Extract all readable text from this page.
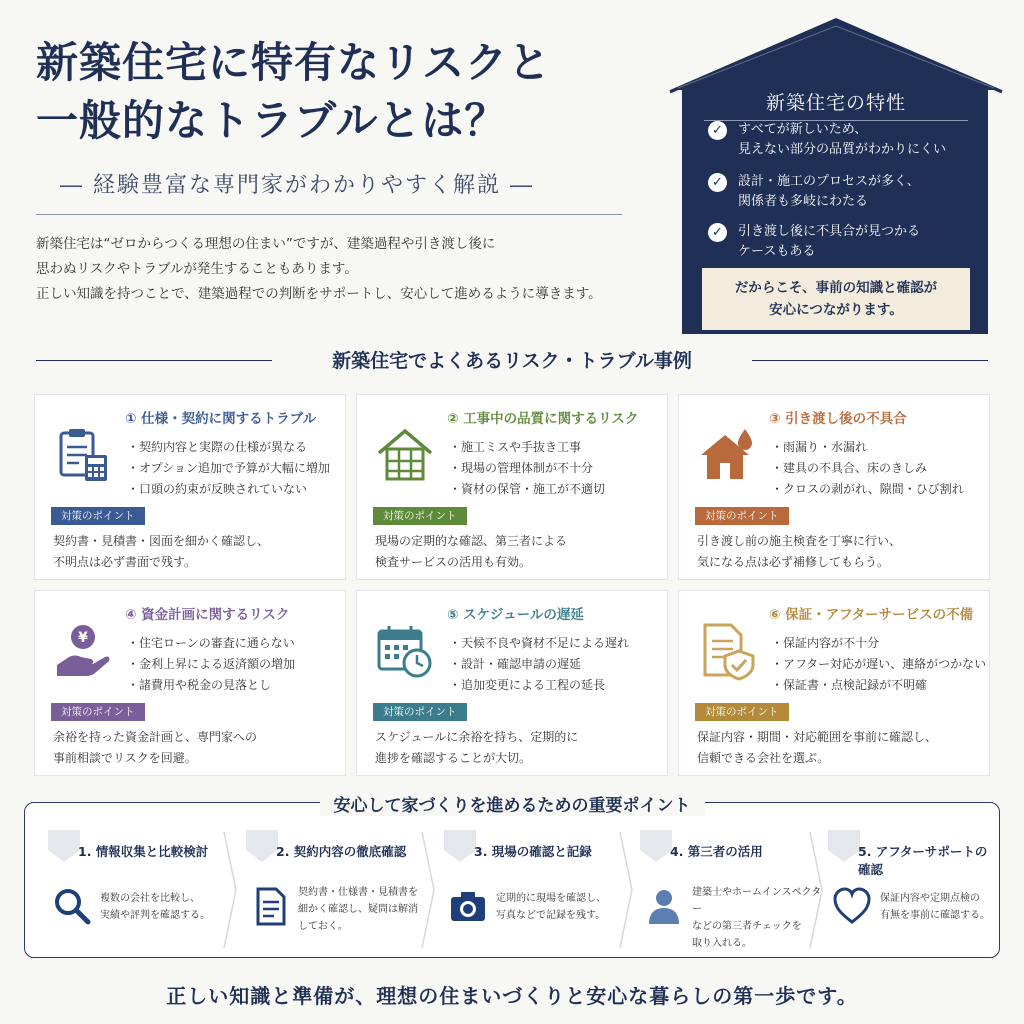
新築住宅に特有なリスクと
一般的なトラブルとは？
― 経験豊富な専門家がわかりやすく解説 ―
新築住宅は“ゼロからつくる理想の住まい”ですが、建築過程や引き渡し後に
思わぬリスクやトラブルが発生することもあります。
正しい知識を持つことで、建築過程での判断をサポートし、安心して進めるように導きます。
新築住宅の特性
✓	すべてが新しいため、
見えない部分の品質がわかりにくい
✓	設計・施工のプロセスが多く、
関係者も多岐にわたる
✓	引き渡し後に不具合が見つかる
ケースもある
だからこそ、事前の知識と確認が
安心につながります。
新築住宅でよくあるリスク・トラブル事例
① 仕様・契約に関するトラブル
・ 契約内容と実際の仕様が異なる
・ オプション追加で予算が大幅に増加
・ 口頭の約束が反映されていない
対策のポイント
契約書・見積書・図面を細かく確認し、
不明点は必ず書面で残す。
② 工事中の品質に関するリスク
・ 施工ミスや手抜き工事
・ 現場の管理体制が不十分
・ 資材の保管・施工が不適切
対策のポイント
現場の定期的な確認、第三者による
検査サービスの活用も有効。
③ 引き渡し後の不具合
・ 雨漏り・水漏れ
・ 建具の不具合、床のきしみ
・ クロスの剥がれ、隙間・ひび割れ
対策のポイント
引き渡し前の施主検査を丁寧に行い、
気になる点は必ず補修してもらう。
④ 資金計画に関するリスク
¥
・	住宅ローンの審査に通らない
・ 金利上昇による返済額の増加
・ 諸費用や税金の見落とし
対策のポイント
余裕を持った資金計画と、専門家への
事前相談でリスクを回避。
⑤ スケジュールの遅延
・ 天候不良や資材不足による遅れ
・ 設計・確認申請の遅延
・ 追加変更による工程の延長
対策のポイント
スケジュールに余裕を持ち、定期的に
進捗を確認することが大切。
⑥ 保証・アフターサービスの不備
・ 保証内容が不十分
・ アフター対応が遅い、連絡がつかない
・ 保証書・点検記録が不明確
対策のポイント
保証内容・期間・対応範囲を事前に確認し、
信頼できる会社を選ぶ。
安心して家づくりを進めるための重要ポイント
1. 情報収集と比較検討
複数の会社を比較し、
実績や評判を確認する。
2. 契約内容の徹底確認
契約書・仕様書・見積書を
細かく確認し、疑問は解消
しておく。
3. 現場の確認と記録
定期的に現場を確認し、
写真などで記録を残す。
4. 第三者の活用
建築士やホームインスペクター
などの第三者チェックを
取り入れる。
5. アフターサポートの確認
保証内容や定期点検の
有無を事前に確認する。
正しい知識と準備が、理想の住まいづくりと安心な暮らしの第一歩です。
